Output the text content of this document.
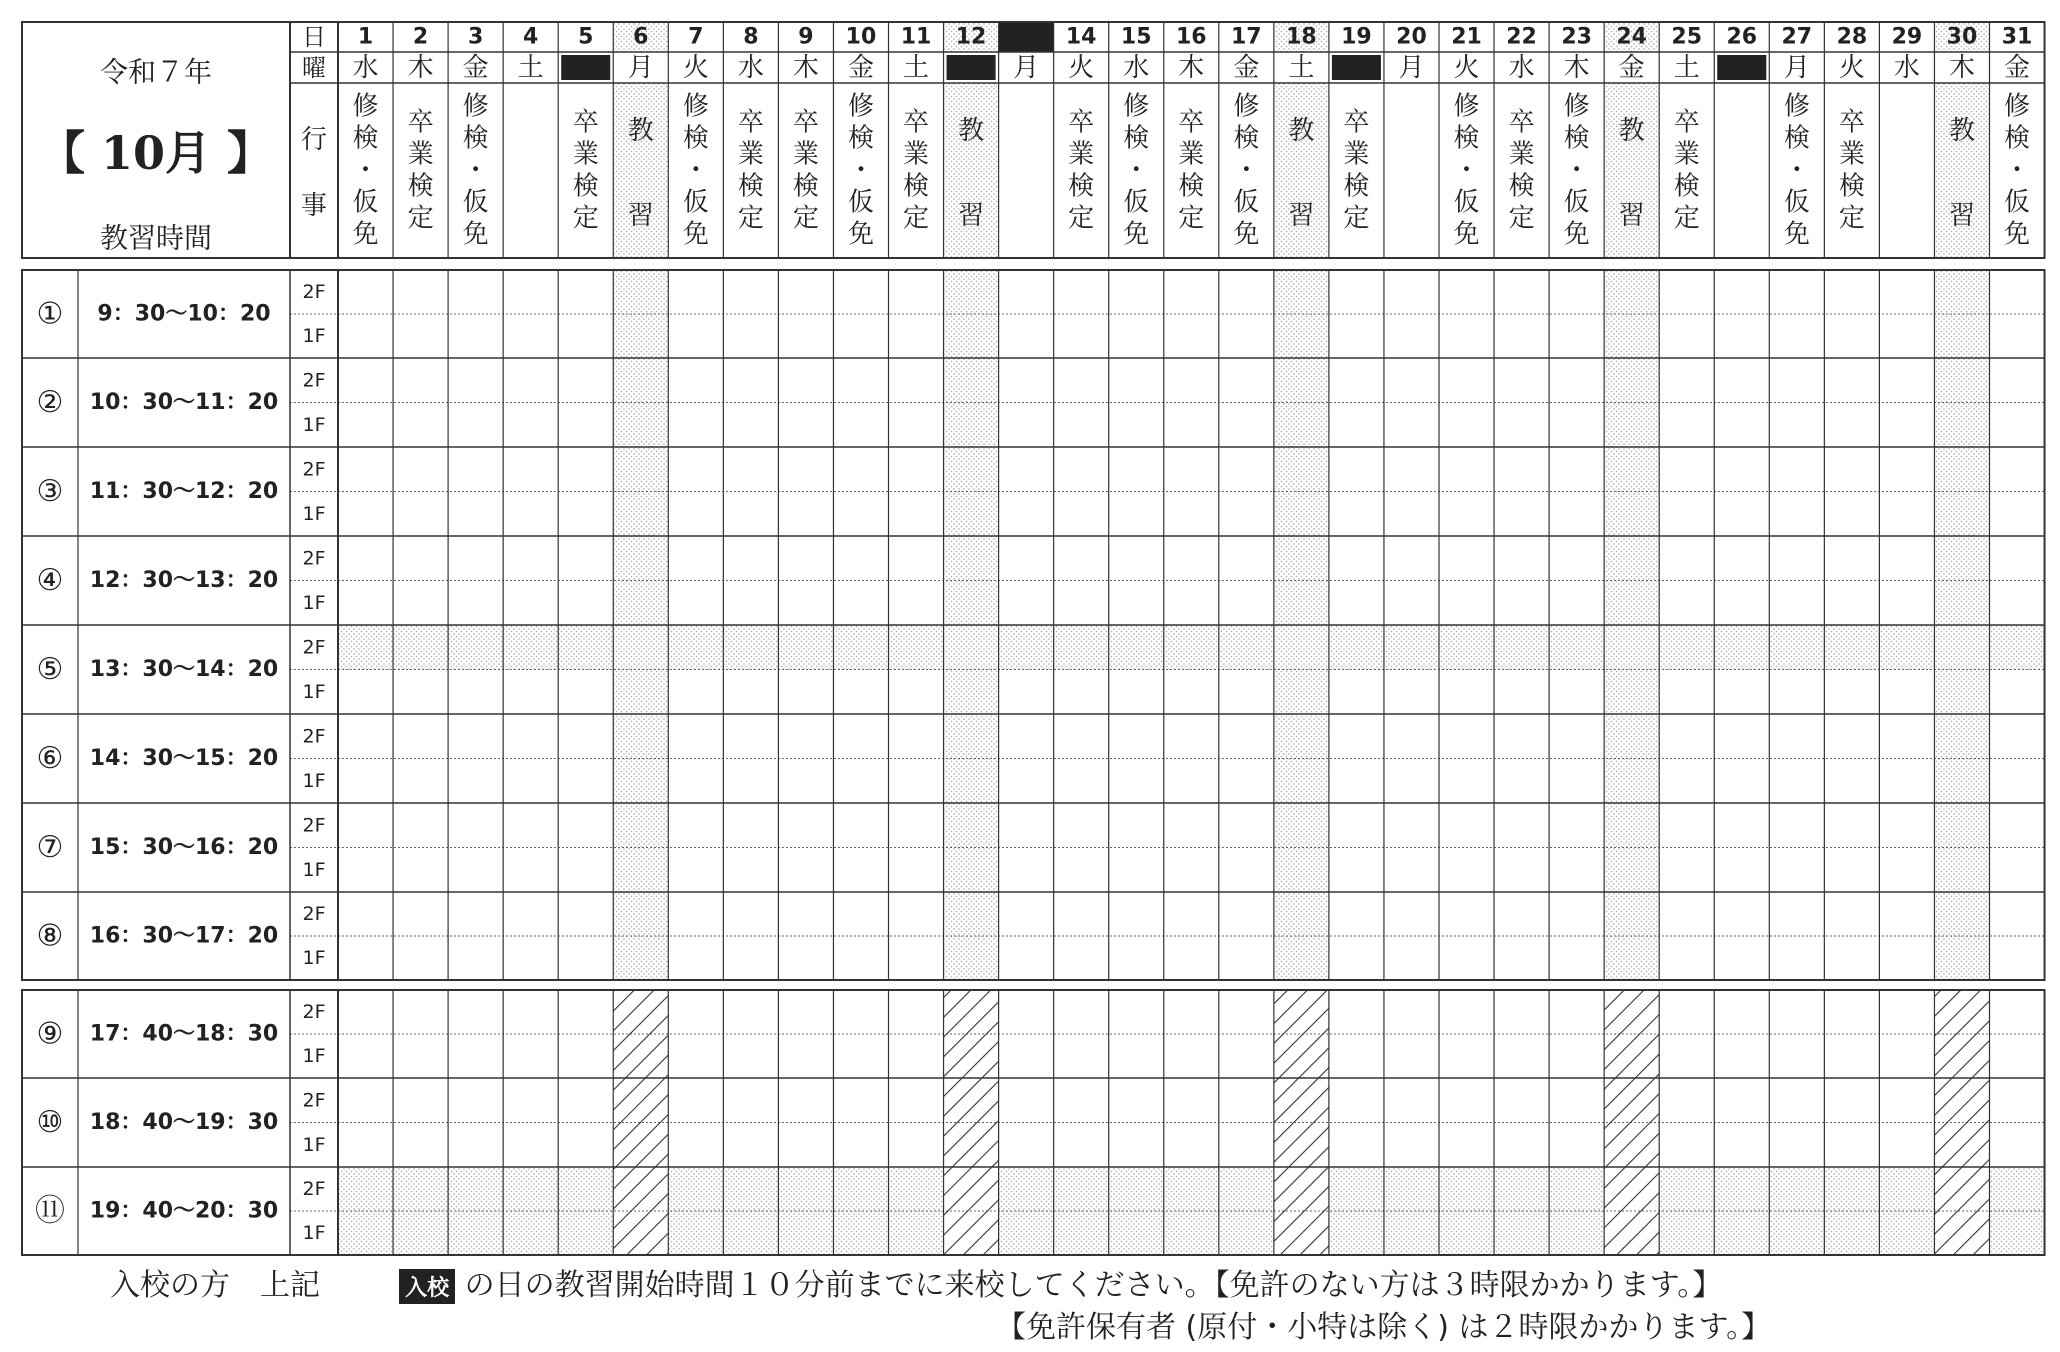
1
水
修
検
・
仮
免
2
木
卒
業
検
定
3
金
修
検
・
仮
免
4
土
5
日
卒
業
検
定
6
月
教
習
7
火
修
検
・
仮
免
8
水
卒
業
検
定
9
木
卒
業
検
定
10
金
修
検
・
仮
免
11
土
卒
業
検
定
12
日
教
習
13
月
14
火
卒
業
検
定
15
水
修
検
・
仮
免
16
木
卒
業
検
定
17
金
修
検
・
仮
免
18
土
教
習
19
日
卒
業
検
定
20
月
21
火
修
検
・
仮
免
22
水
卒
業
検
定
23
木
修
検
・
仮
免
24
金
教
習
25
土
卒
業
検
定
26
日
27
月
修
検
・
仮
免
28
火
卒
業
検
定
29
水
30
木
教
習
31
金
修
検
・
仮
免
令和７年
【 10月 】
教習時間
日
曜
行
事
① 9：30〜10：20
2F
1F
② 10：30〜11：20
2F
1F
③ 11：30〜12：20
2F
1F
④ 12：30〜13：20
2F
1F
⑤ 13：30〜14：20
2F
1F
⑥ 14：30〜15：20
2F
1F
⑦ 15：30〜16：20
2F
1F
⑧ 16：30〜17：20
2F
1F
⑨ 17：40〜18：30
2F
1F
⑩ 18：40〜19：30
2F
1F
⑪ 19：40〜20：30
2F
1F
入校の方　上記	入校 の日の教習開始時間１０分前までに来校してください。【免許のない方は３時限かかります。】
【免許保有者 (原付・小特は除く) は２時限かかります。】
